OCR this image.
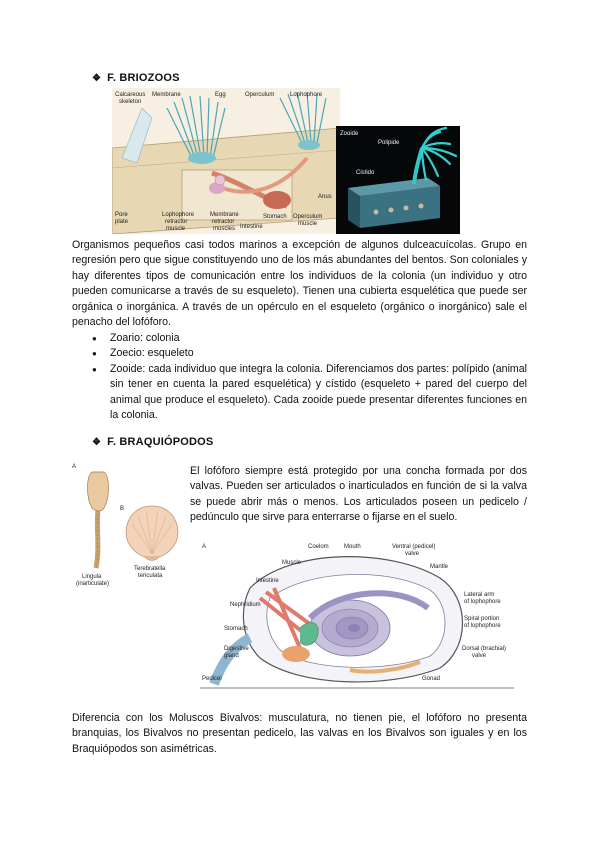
❖ F. BRIOZOOS
Calcareous
skeleton
Membrane	Egg	Operculum	Lophophore
Pore
plate
Lophophore
retractor
muscle
Membrane
retractor
muscles Intestine
Stomach Operculum
muscle
Anus
Zooide
Polipide
Cistido

Organismos pequeños casi todos marinos a excepción de algunos dulceacuícolas. Grupo en regresión pero que sigue constituyendo uno de los más abundantes del bentos. Son coloniales y hay diferentes tipos de comunicación entre los individuos de la colonia (un individuo y otro pueden comunicarse a través de su esqueleto). Tienen una cubierta esquelética que puede ser orgánica o inorgánica. A través de un opérculo en el esqueleto (orgánico o inorgánico) sale el penacho del lofóforo.

● Zoario: colonia
● Zoecio: esqueleto
● Zooide: cada individuo que integra la colonia. Diferenciamos dos partes: polípido (animal sin tener en cuenta la pared esquelética) y cístido (esqueleto + pared del cuerpo del animal que produce el esqueleto). Cada zooide puede presentar diferentes funciones en la colonia.
❖ F. BRAQUIÓPODOS
A
B
Lingula
(inarticulate)
Terebratella
tericulata

El lofóforo siempre está protegido por una concha formada por dos valvas. Pueden ser articulados o inarticulados en función de si la valva se puede abrir más o menos. Los articulados poseen un pedicelo / pedúnculo que sirve para enterrarse o fijarse en el suelo.

A	Coelom	Mouth	Ventral (pedicel)
valve
Muscle
Mantle
Intestine
Nephridium
Lateral arm
of lophophore
Stomach
Spiral portion
of lophophore
Digestive
gland
Dorsal (brachial)
valve
Pedicel	Gonad

Diferencia con los Moluscos Bivalvos: musculatura, no tienen pie, el lofóforo no presenta branquias, los Bivalvos no presentan pedicelo, las valvas en los Bivalvos son iguales y en los Braquiópodos son asimétricas.
